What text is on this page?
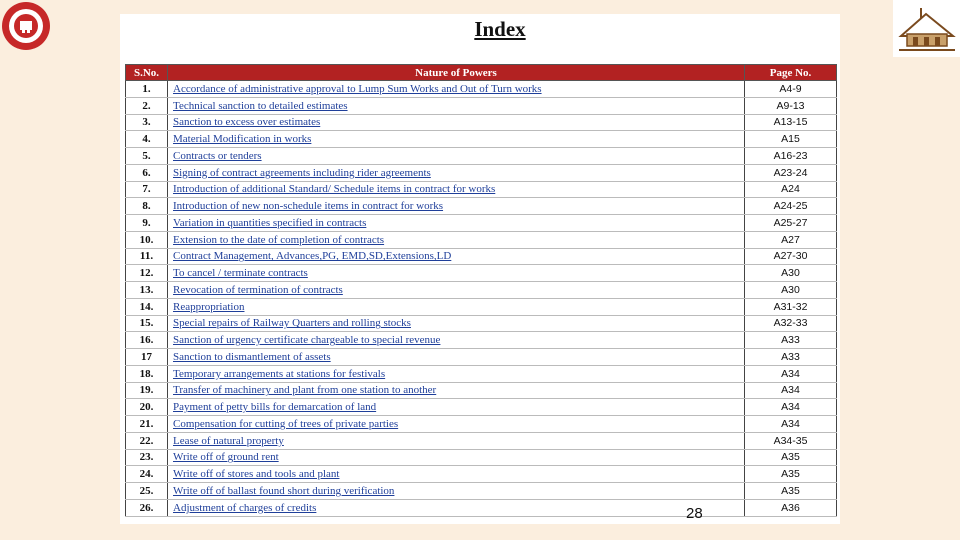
Index
S.No.	Nature of Powers	Page No.
1.	Accordance of administrative approval to Lump Sum Works and Out of Turn works	A4-9
2.	Technical sanction to detailed estimates	A9-13
3.	Sanction to excess over estimates	A13-15
4.	Material Modification in works	A15
5.	Contracts or tenders	A16-23
6.	Signing of contract agreements including rider agreements	A23-24
7.	Introduction of additional Standard/ Schedule items in contract for works	A24
8.	Introduction of new non-schedule items in contract for works	A24-25
9.	Variation in quantities specified in contracts	A25-27
10.	Extension to the date of completion of contracts	A27
11.	Contract Management, Advances,PG, EMD,SD,Extensions,LD	A27-30
12.	To cancel / terminate contracts	A30
13.	Revocation of termination of contracts	A30
14.	Reappropriation	A31-32
15.	Special repairs of Railway Quarters and rolling stocks	A32-33
16.	Sanction of urgency certificate chargeable to special revenue	A33
17	Sanction to dismantlement of assets	A33
18.	Temporary arrangements at stations for festivals	A34
19.	Transfer of machinery and plant from one station to another	A34
20.	Payment of petty bills for demarcation of land	A34
21.	Compensation for cutting of trees of private parties	A34
22.	Lease of natural property	A34-35
23.	Write off of ground rent	A35
24.	Write off of stores and tools and plant	A35
25.	Write off of ballast found short during verification	A35
26.	Adjustment of charges of credits	A36
28
